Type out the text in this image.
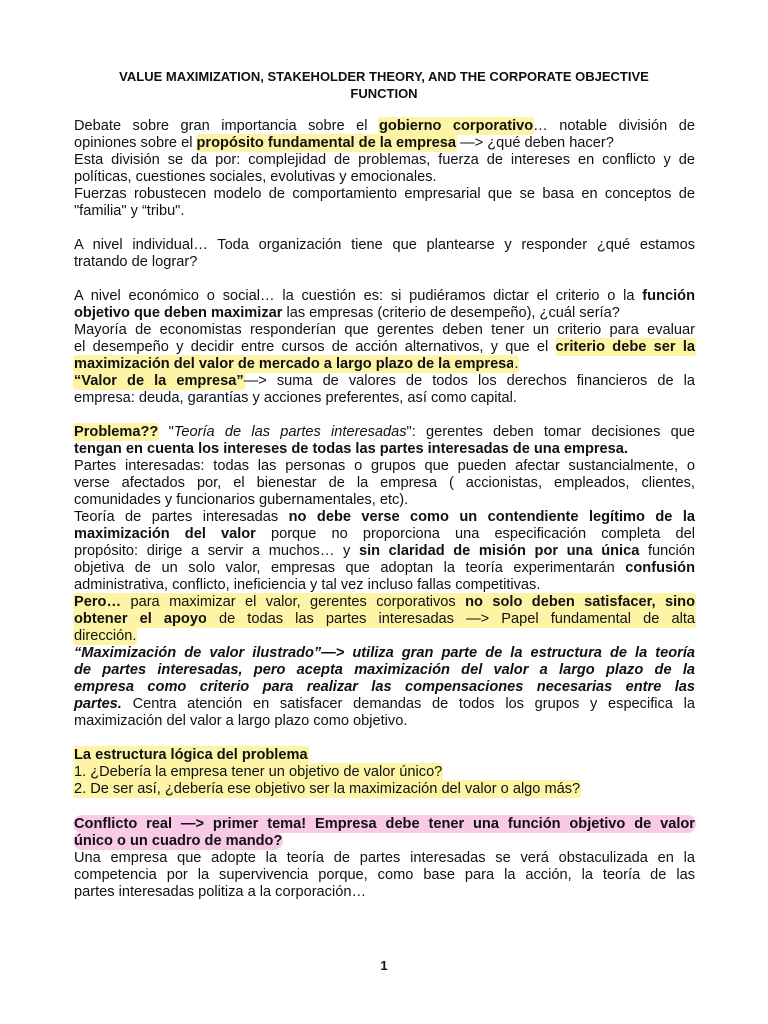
VALUE MAXIMIZATION, STAKEHOLDER THEORY, AND THE CORPORATE OBJECTIVE
FUNCTION
Debate sobre gran importancia sobre el gobierno corporativo… notable división de
opiniones sobre el propósito fundamental de la empresa —> ¿qué deben hacer?
Esta división se da por: complejidad de problemas, fuerza de intereses en conflicto y de
políticas, cuestiones sociales, evolutivas y emocionales.
Fuerzas robustecen modelo de comportamiento empresarial que se basa en conceptos de
"familia" y “tribu".
A nivel individual… Toda organización tiene que plantearse y responder ¿qué estamos
tratando de lograr?
A nivel económico o social… la cuestión es: si pudiéramos dictar el criterio o la función
objetivo que deben maximizar las empresas (criterio de desempeño), ¿cuál sería?
Mayoría de economistas responderían que gerentes deben tener un criterio para evaluar
el desempeño y decidir entre cursos de acción alternativos, y que el criterio debe ser la
maximización del valor de mercado a largo plazo de la empresa.
“Valor de la empresa”—> suma de valores de todos los derechos financieros de la
empresa: deuda, garantías y acciones preferentes, así como capital.
Problema?? "Teoría de las partes interesadas": gerentes deben tomar decisiones que
tengan en cuenta los intereses de todas las partes interesadas de una empresa.
Partes interesadas: todas las personas o grupos que pueden afectar sustancialmente, o
verse afectados por, el bienestar de la empresa ( accionistas, empleados, clientes,
comunidades y funcionarios gubernamentales, etc).
Teoría de partes interesadas no debe verse como un contendiente legítimo de la
maximización del valor porque no proporciona una especificación completa del
propósito: dirige a servir a muchos… y sin claridad de misión por una única función
objetiva de un solo valor, empresas que adoptan la teoría experimentarán confusión
administrativa, conflicto, ineficiencia y tal vez incluso fallas competitivas.
Pero… para maximizar el valor, gerentes corporativos no solo deben satisfacer, sino
obtener el apoyo de todas las partes interesadas —> Papel fundamental de alta
dirección.
“Maximización de valor ilustrado”—> utiliza gran parte de la estructura de la teoría
de partes interesadas, pero acepta maximización del valor a largo plazo de la
empresa como criterio para realizar las compensaciones necesarias entre las
partes. Centra atención en satisfacer demandas de todos los grupos y especifica la
maximización del valor a largo plazo como objetivo.
La estructura lógica del problema
1. ¿Debería la empresa tener un objetivo de valor único?
2. De ser así, ¿debería ese objetivo ser la maximización del valor o algo más?
Conflicto real —> primer tema! Empresa debe tener una función objetivo de valor
único o un cuadro de mando?
Una empresa que adopte la teoría de partes interesadas se verá obstaculizada en la
competencia por la supervivencia porque, como base para la acción, la teoría de las
partes interesadas politiza a la corporación…
1
